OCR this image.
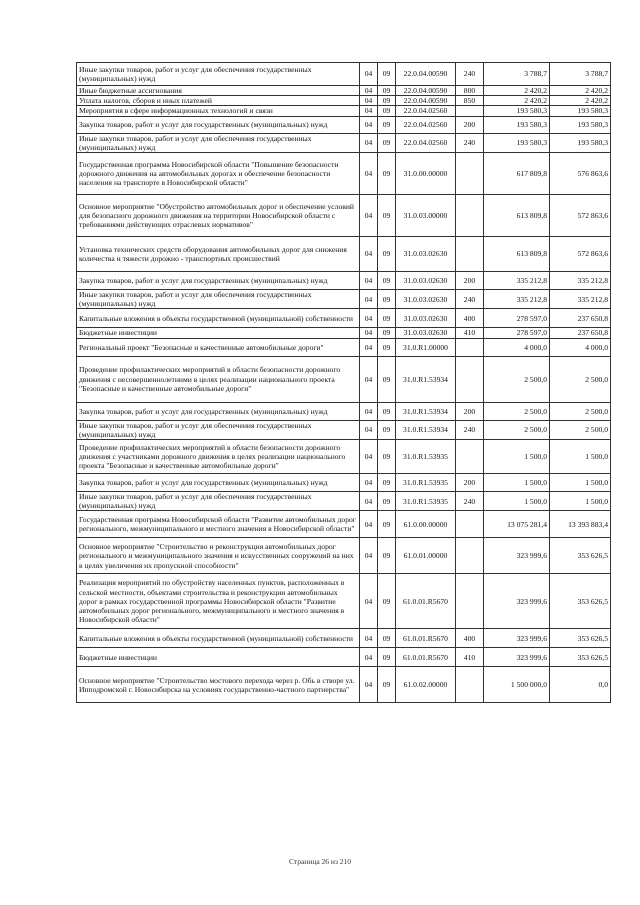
Иные закупки товаров, работ и услуг для обеспечения государственных (муниципальных) нужд	04	09	22.0.04.00590	240	3 788,7	3 788,7
Иные бюджетные ассигнования	04	09	22.0.04.00590	800	2 420,2	2 420,2
Уплата налогов, сборов и иных платежей	04	09	22.0.04.00590	850	2 420,2	2 420,2
Мероприятия в сфере информационных технологий и связи	04	09	22.0.04.02560		193 580,3	193 580,3
Закупка товаров, работ и услуг для государственных (муниципальных) нужд	04	09	22.0.04.02560	200	193 580,3	193 580,3
Иные закупки товаров, работ и услуг для обеспечения государственных (муниципальных) нужд	04	09	22.0.04.02560	240	193 580,3	193 580,3
Государственная программа Новосибирской области "Повышение безопасности дорожного движения на автомобильных дорогах и обеспечение безопасности населения на транспорте в Новосибирской области"	04	09	31.0.00.00000		617 809,8	576 863,6
Основное мероприятие "Обустройство автомобильных дорог и обеспечение условий для безопасного дорожного движения на территории Новосибирской области с требованиями действующих отраслевых нормативов"	04	09	31.0.03.00000		613 809,8	572 863,6
Установка технических средств оборудования автомобильных дорог для снижения количества и тяжести дорожно - транспортных происшествий	04	09	31.0.03.02630		613 809,8	572 863,6
Закупка товаров, работ и услуг для государственных (муниципальных) нужд	04	09	31.0.03.02630	200	335 212,8	335 212,8
Иные закупки товаров, работ и услуг для обеспечения государственных (муниципальных) нужд	04	09	31.0.03.02630	240	335 212,8	335 212,8
Капитальные вложения в объекты государственной (муниципальной) собственности	04	09	31.0.03.02630	400	278 597,0	237 650,8
Бюджетные инвестиции	04	09	31.0.03.02630	410	278 597,0	237 650,8
Региональный проект "Безопасные и качественные автомобильные дороги"	04	09	31.0.R1.00000		4 000,0	4 000,0
Проведение профилактических мероприятий в области безопасности дорожного движения с несовершеннолетними в целях реализации национального проекта "Безопасные и качественные автомобильные дороги"	04	09	31.0.R1.53934		2 500,0	2 500,0
Закупка товаров, работ и услуг для государственных (муниципальных) нужд	04	09	31.0.R1.53934	200	2 500,0	2 500,0
Иные закупки товаров, работ и услуг для обеспечения государственных (муниципальных) нужд	04	09	31.0.R1.53934	240	2 500,0	2 500,0
Проведение профилактических мероприятий в области безопасности дорожного движения с участниками дорожного движения в целях реализации национального проекта "Безопасные и качественные автомобильные дороги"	04	09	31.0.R1.53935		1 500,0	1 500,0
Закупка товаров, работ и услуг для государственных (муниципальных) нужд	04	09	31.0.R1.53935	200	1 500,0	1 500,0
Иные закупки товаров, работ и услуг для обеспечения государственных (муниципальных) нужд	04	09	31.0.R1.53935	240	1 500,0	1 500,0
Государственная программа Новосибирской области "Развитие автомобильных дорог регионального, межмуниципального и местного значения в Новосибирской области"	04	09	61.0.00.00000		13 075 281,4	13 393 883,4
Основное мероприятие "Строительство и реконструкция автомобильных дорог регионального и межмуниципального значения и искусственных сооружений на них в целях увеличения их пропускной способности"	04	09	61.0.01.00000		323 999,6	353 626,5
Реализация мероприятий по обустройству населенных пунктов, расположенных в сельской местности, объектами строительства и реконструкции автомобильных дорог в рамках государственной программы Новосибирской области "Развитие автомобильных дорог регионального, межмуниципального и местного значения в Новосибирской области"	04	09	61.0.01.R5670		323 999,6	353 626,5
Капитальные вложения в объекты государственной (муниципальной) собственности	04	09	61.0.01.R5670	400	323 999,6	353 626,5
Бюджетные инвестиции	04	09	61.0.01.R5670	410	323 999,6	353 626,5
Основное мероприятие "Строительство мостового перехода через р. Обь в створе ул. Ипподромской г. Новосибирска на условиях государственно-частного партнерства"	04	09	61.0.02.00000		1 500 000,0	0,0
Страница 26 из 210
